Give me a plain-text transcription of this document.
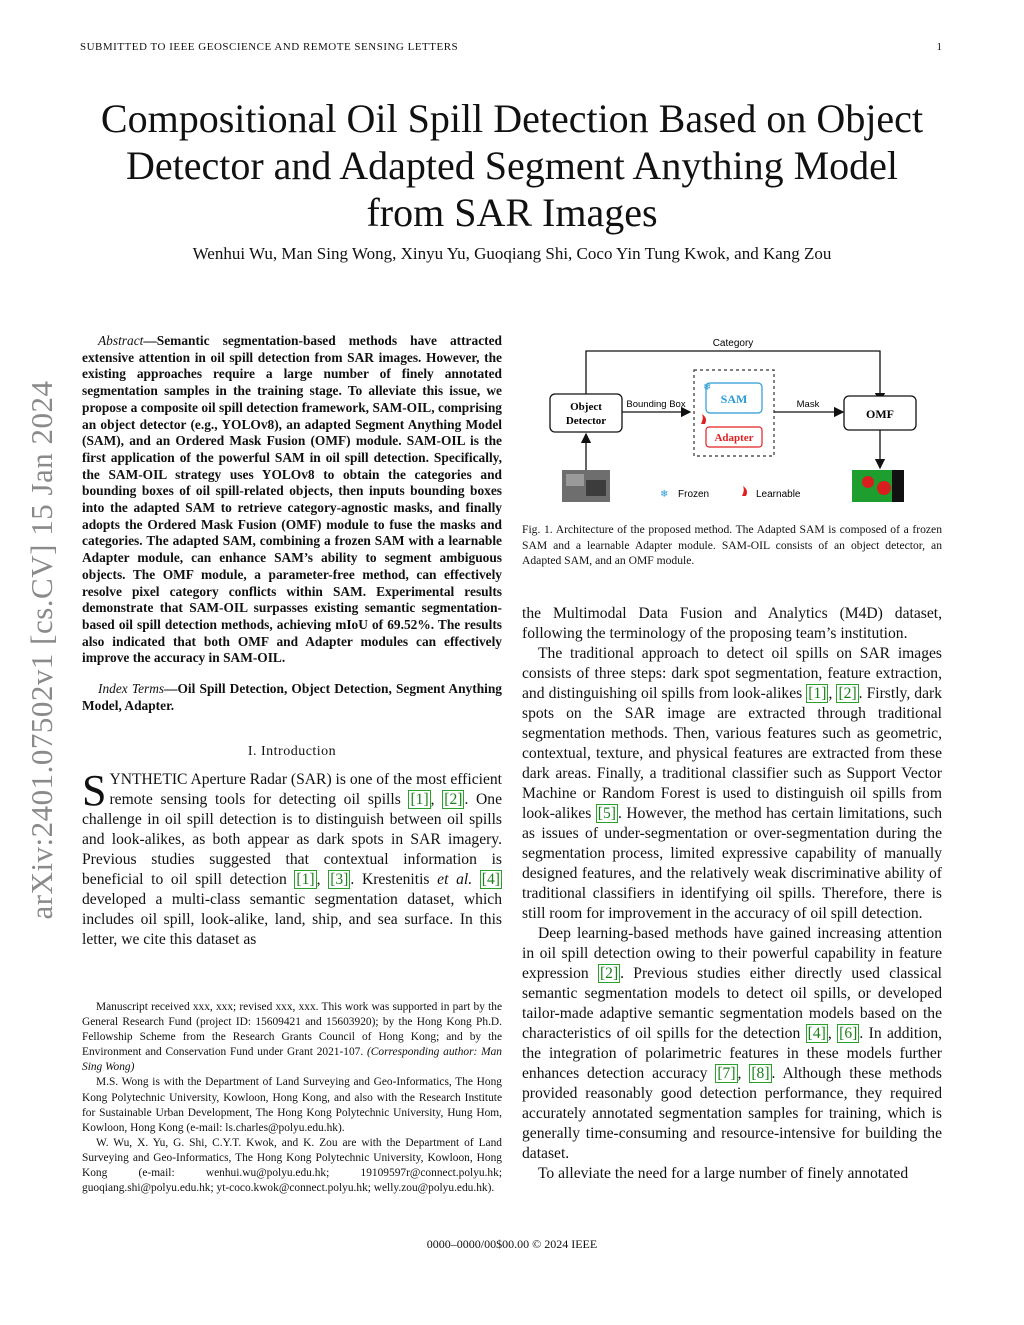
SUBMITTED TO IEEE GEOSCIENCE AND REMOTE SENSING LETTERS	1
arXiv:2401.07502v1 [cs.CV] 15 Jan 2024
Compositional Oil Spill Detection Based on Object
Detector and Adapted Segment Anything Model
from SAR Images
Wenhui Wu, Man Sing Wong, Xinyu Yu, Guoqiang Shi, Coco Yin Tung Kwok, and Kang Zou

Abstract—Semantic segmentation-based methods have attracted extensive attention in oil spill detection from SAR images. However, the existing approaches require a large number of finely annotated segmentation samples in the training stage. To alleviate this issue, we propose a composite oil spill detection framework, SAM-OIL, comprising an object detector (e.g., YOLOv8), an adapted Segment Anything Model (SAM), and an Ordered Mask Fusion (OMF) module. SAM-OIL is the first application of the powerful SAM in oil spill detection. Specifically, the SAM-OIL strategy uses YOLOv8 to obtain the categories and bounding boxes of oil spill-related objects, then inputs bounding boxes into the adapted SAM to retrieve category-agnostic masks, and finally adopts the Ordered Mask Fusion (OMF) module to fuse the masks and categories. The adapted SAM, combining a frozen SAM with a learnable Adapter module, can enhance SAM’s ability to segment ambiguous objects. The OMF module, a parameter-free method, can effectively resolve pixel category conflicts within SAM. Experimental results demonstrate that SAM-OIL surpasses existing semantic segmentation-based oil spill detection methods, achieving mIoU of 69.52%. The results also indicated that both OMF and Adapter modules can effectively improve the accuracy in SAM-OIL.

Index Terms—Oil Spill Detection, Object Detection, Segment Anything Model, Adapter.

I. Introduction

SYNTHETIC Aperture Radar (SAR) is one of the most efficient remote sensing tools for detecting oil spills [1] , [2] . One challenge in oil spill detection is to distinguish between oil spills and look-alikes, as both appear as dark spots in SAR imagery. Previous studies suggested that contextual information is beneficial to oil spill detection [1] , [3] . Krestenitis et al. [4] developed a multi-class semantic segmentation dataset, which includes oil spill, look-alike, land, ship, and sea surface. In this letter, we cite this dataset as

Manuscript received xxx, xxx; revised xxx, xxx. This work was supported in part by the General Research Fund (project ID: 15609421 and 15603920); by the Hong Kong Ph.D. Fellowship Scheme from the Research Grants Council of Hong Kong; and by the Environment and Conservation Fund under Grant 2021-107. (Corresponding author: Man Sing Wong)

M.S. Wong is with the Department of Land Surveying and Geo-Informatics, The Hong Kong Polytechnic University, Kowloon, Hong Kong, and also with the Research Institute for Sustainable Urban Development, The Hong Kong Polytechnic University, Hung Hom, Kowloon, Hong Kong (e-mail: ls.charles@polyu.edu.hk).

W. Wu, X. Yu, G. Shi, C.Y.T. Kwok, and K. Zou are with the Department of Land Surveying and Geo-Informatics, The Hong Kong Polytechnic University, Kowloon, Hong Kong (e-mail: wenhui.wu@polyu.edu.hk; 19109597r@connect.polyu.hk; guoqiang.shi@polyu.edu.hk; yt-coco.kwok@connect.polyu.hk; welly.zou@polyu.edu.hk).

Category
Object
Detector
Bounding Box	SAM
❄
Adapter
Mask
OMF
❄ Frozen	Learnable
Fig. 1. Architecture of the proposed method. The Adapted SAM is composed of a frozen SAM and a learnable Adapter module. SAM-OIL consists of an object detector, an Adapted SAM, and an OMF module.

the Multimodal Data Fusion and Analytics (M4D) dataset, following the terminology of the proposing team’s institution.

The traditional approach to detect oil spills on SAR images consists of three steps: dark spot segmentation, feature extraction, and distinguishing oil spills from look-alikes [1] , [2] . Firstly, dark spots on the SAR image are extracted through traditional segmentation methods. Then, various features such as geometric, contextual, texture, and physical features are extracted from these dark areas. Finally, a traditional classifier such as Support Vector Machine or Random Forest is used to distinguish oil spills from look-alikes [5] . However, the method has certain limitations, such as issues of under-segmentation or over-segmentation during the segmentation process, limited expressive capability of manually designed features, and the relatively weak discriminative ability of traditional classifiers in identifying oil spills. Therefore, there is still room for improvement in the accuracy of oil spill detection.

Deep learning-based methods have gained increasing attention in oil spill detection owing to their powerful capability in feature expression [2] . Previous studies either directly used classical semantic segmentation models to detect oil spills, or developed tailor-made adaptive semantic segmentation models based on the characteristics of oil spills for the detection [4] , [6] . In addition, the integration of polarimetric features in these models further enhances detection accuracy [7] , [8] . Although these methods provided reasonably good detection performance, they required accurately annotated segmentation samples for training, which is generally time-consuming and resource-intensive for building the dataset.

To alleviate the need for a large number of finely annotated

0000–0000/00$00.00 © 2024 IEEE
